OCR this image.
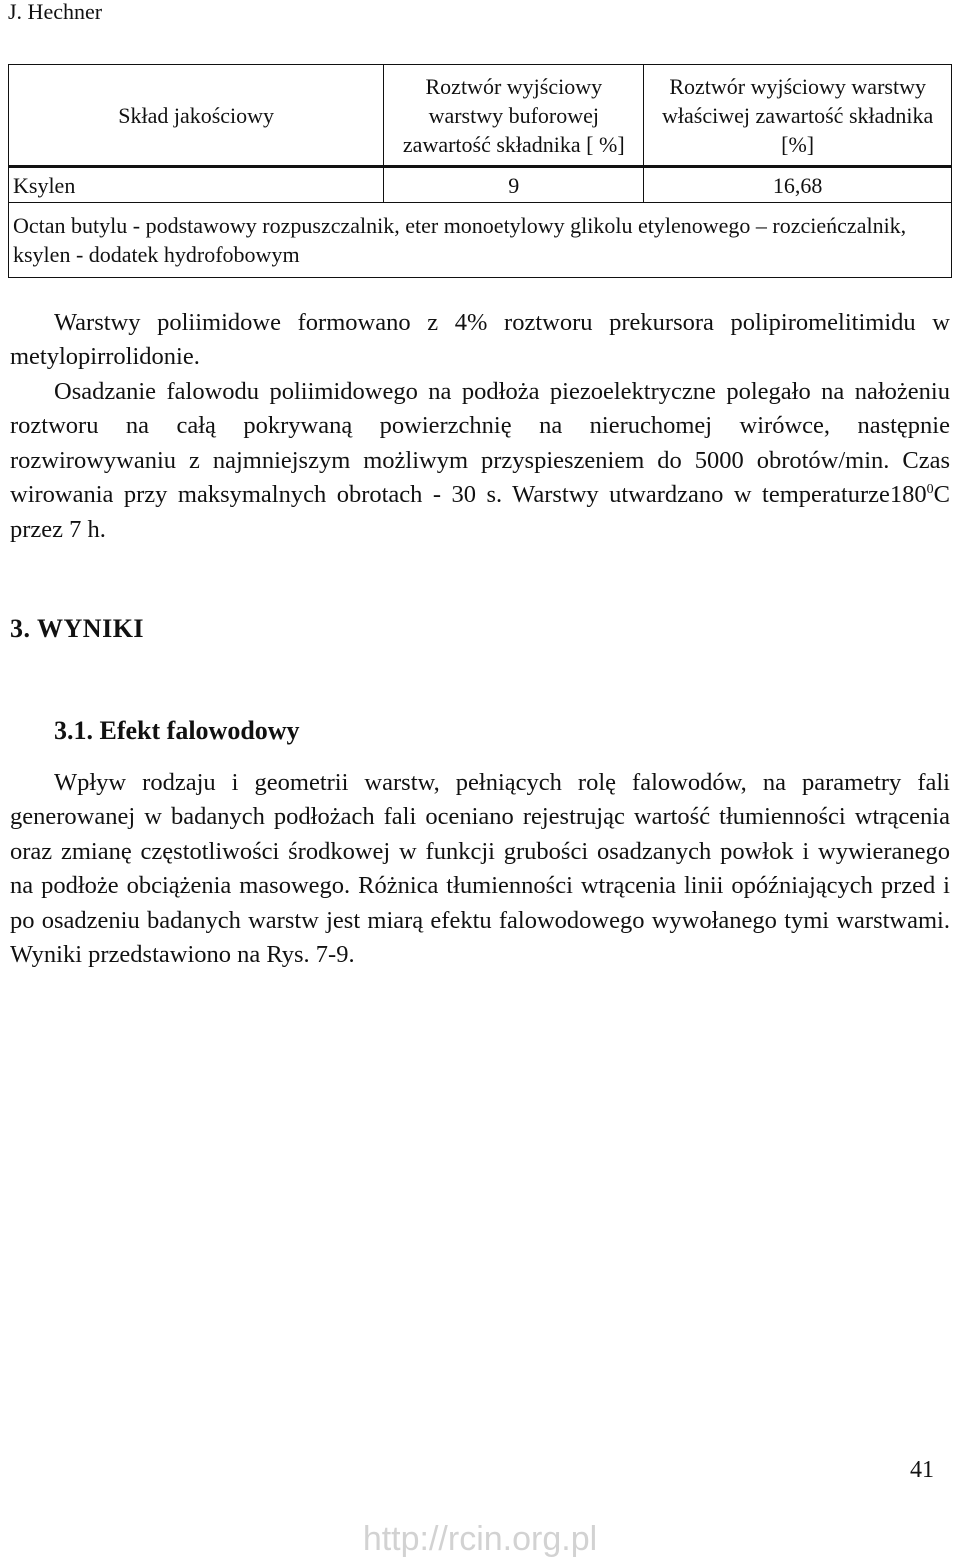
J. Hechner
Skład jakościowy	Roztwór wyjściowy warstwy buforowej zawartość składnika [ %]	Roztwór wyjściowy warstwy właściwej zawartość składnika [%]
Ksylen	9	16,68
Octan butylu - podstawowy rozpuszczalnik, eter monoetylowy glikolu etylenowego – rozcieńczalnik, ksylen - dodatek hydrofobowym		

Warstwy poliimidowe formowano z 4% roztworu prekursora polipiromelitimidu w metylopirrolidonie.

Osadzanie falowodu poliimidowego na podłoża piezoelektryczne polegało na nałożeniu roztworu na całą pokrywaną powierzchnię na nieruchomej wirówce, następnie rozwirowywaniu z najmniejszym możliwym przyspieszeniem do 5000 obrotów/min. Czas wirowania przy maksymalnych obrotach - 30 s. Warstwy utwardzano w $temperaturze180^0C$ przez 7 h.

3. WYNIKI
3.1. Efekt falowodowy

Wpływ rodzaju i geometrii warstw, pełniących rolę falowodów, na parametry fali generowanej w badanych podłożach fali oceniano rejestrując wartość tłumienności wtrącenia oraz zmianę częstotliwości środkowej w funkcji grubości osadzanych powłok i wywieranego na podłoże obciążenia masowego. Różnica tłumienności wtrącenia linii opóźniających przed i po osadzeniu badanych warstw jest miarą efektu falowodowego wywołanego tymi warstwami. Wyniki przedstawiono na Rys. 7-9.

41
http://rcin.org.pl
